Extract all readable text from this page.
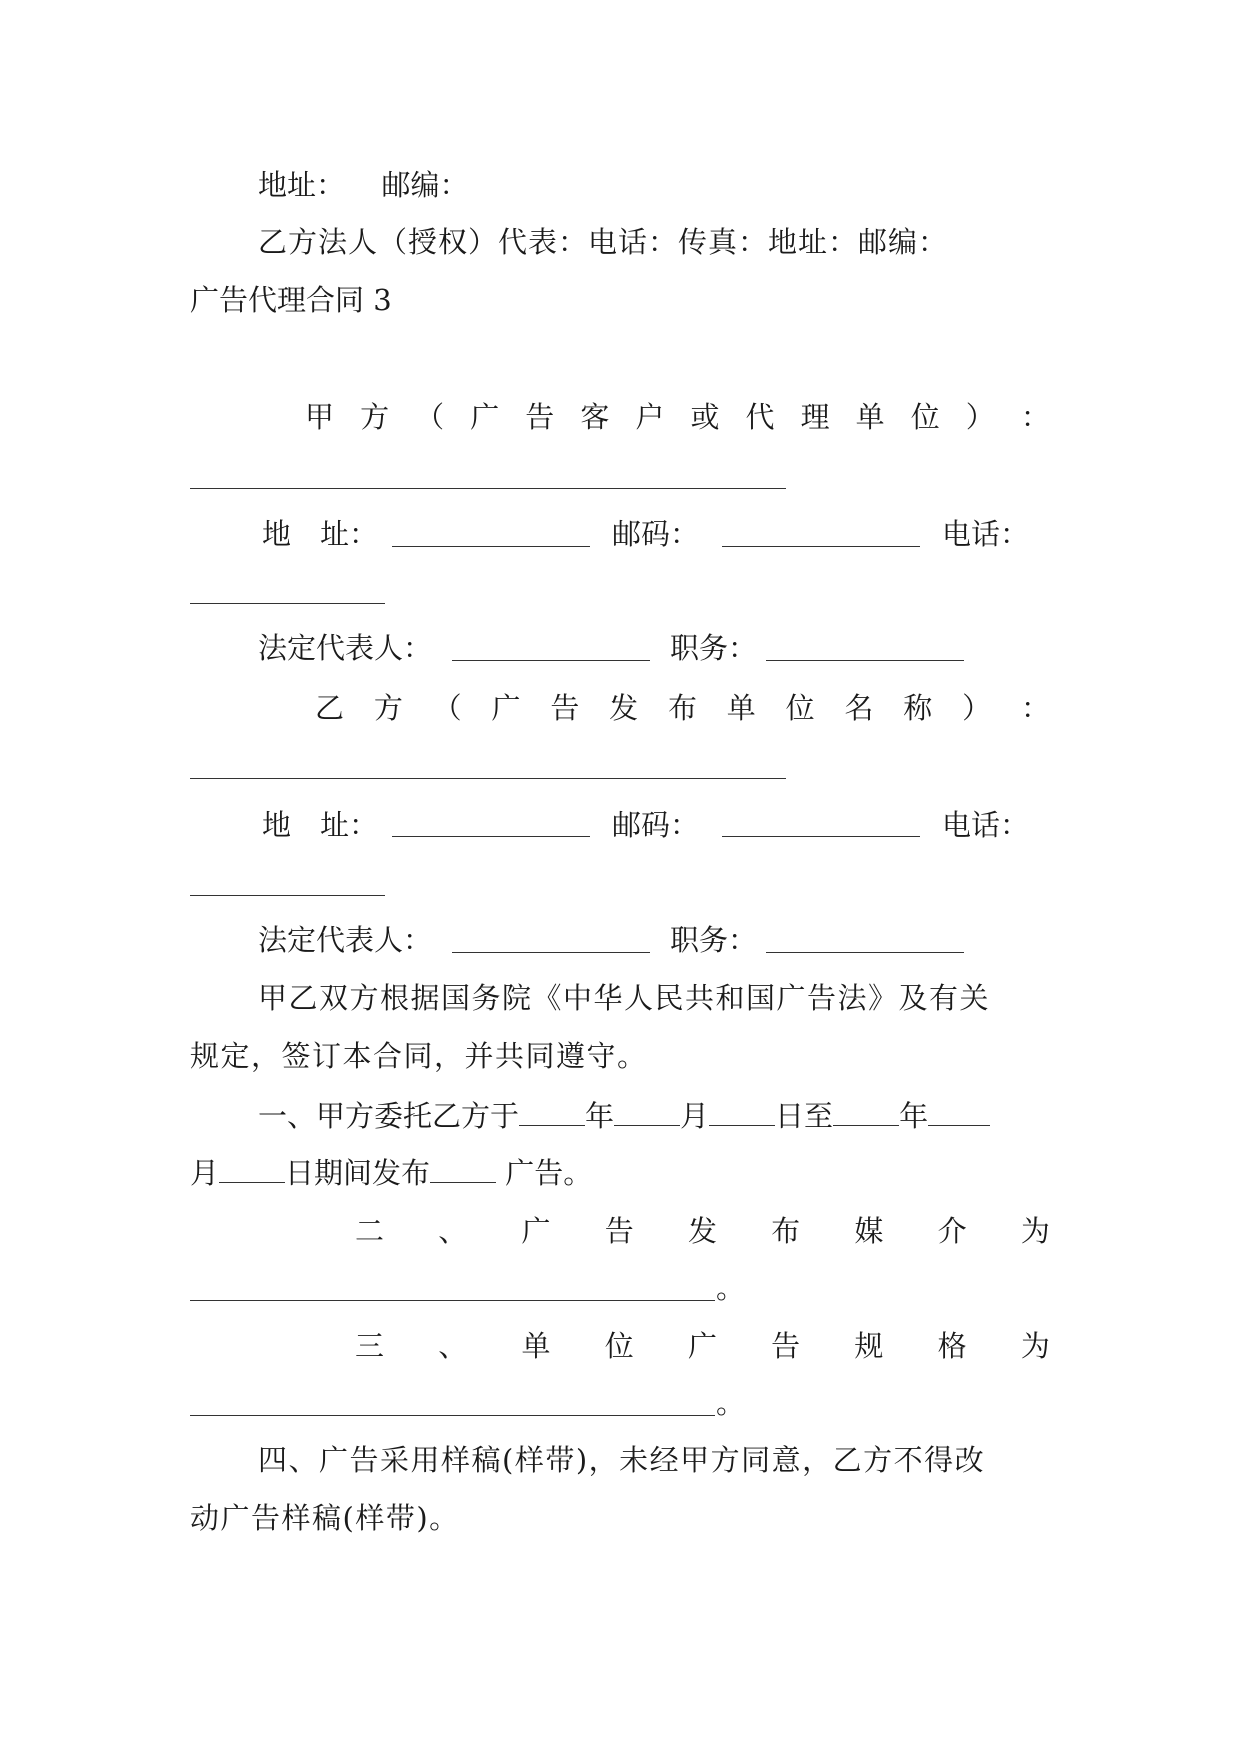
地址： 邮编：
乙方法人（授权）代表：电话：传真：地址：邮编：
广告代理合同 3
甲 方 （ 广 告 客 户 或 代 理 单 位 ） ：
地　址：	邮码：	电话：
法定代表人：	职务：
乙 方 （ 广 告 发 布 单 位 名 称 ） ：
地　址：	邮码：	电话：
法定代表人：	职务：
甲乙双方根据国务院《中华人民共和国广告法》及有关
规定，签订本合同，并共同遵守。
一、甲方委托乙方于 年 月 日至 年
月 日期间发布 广告。
二 、 广 告 发 布 媒 介 为
。
三 、 单 位 广 告 规 格 为
。
四、广告采用样稿(样带)，未经甲方同意，乙方不得改
动广告样稿(样带)。
